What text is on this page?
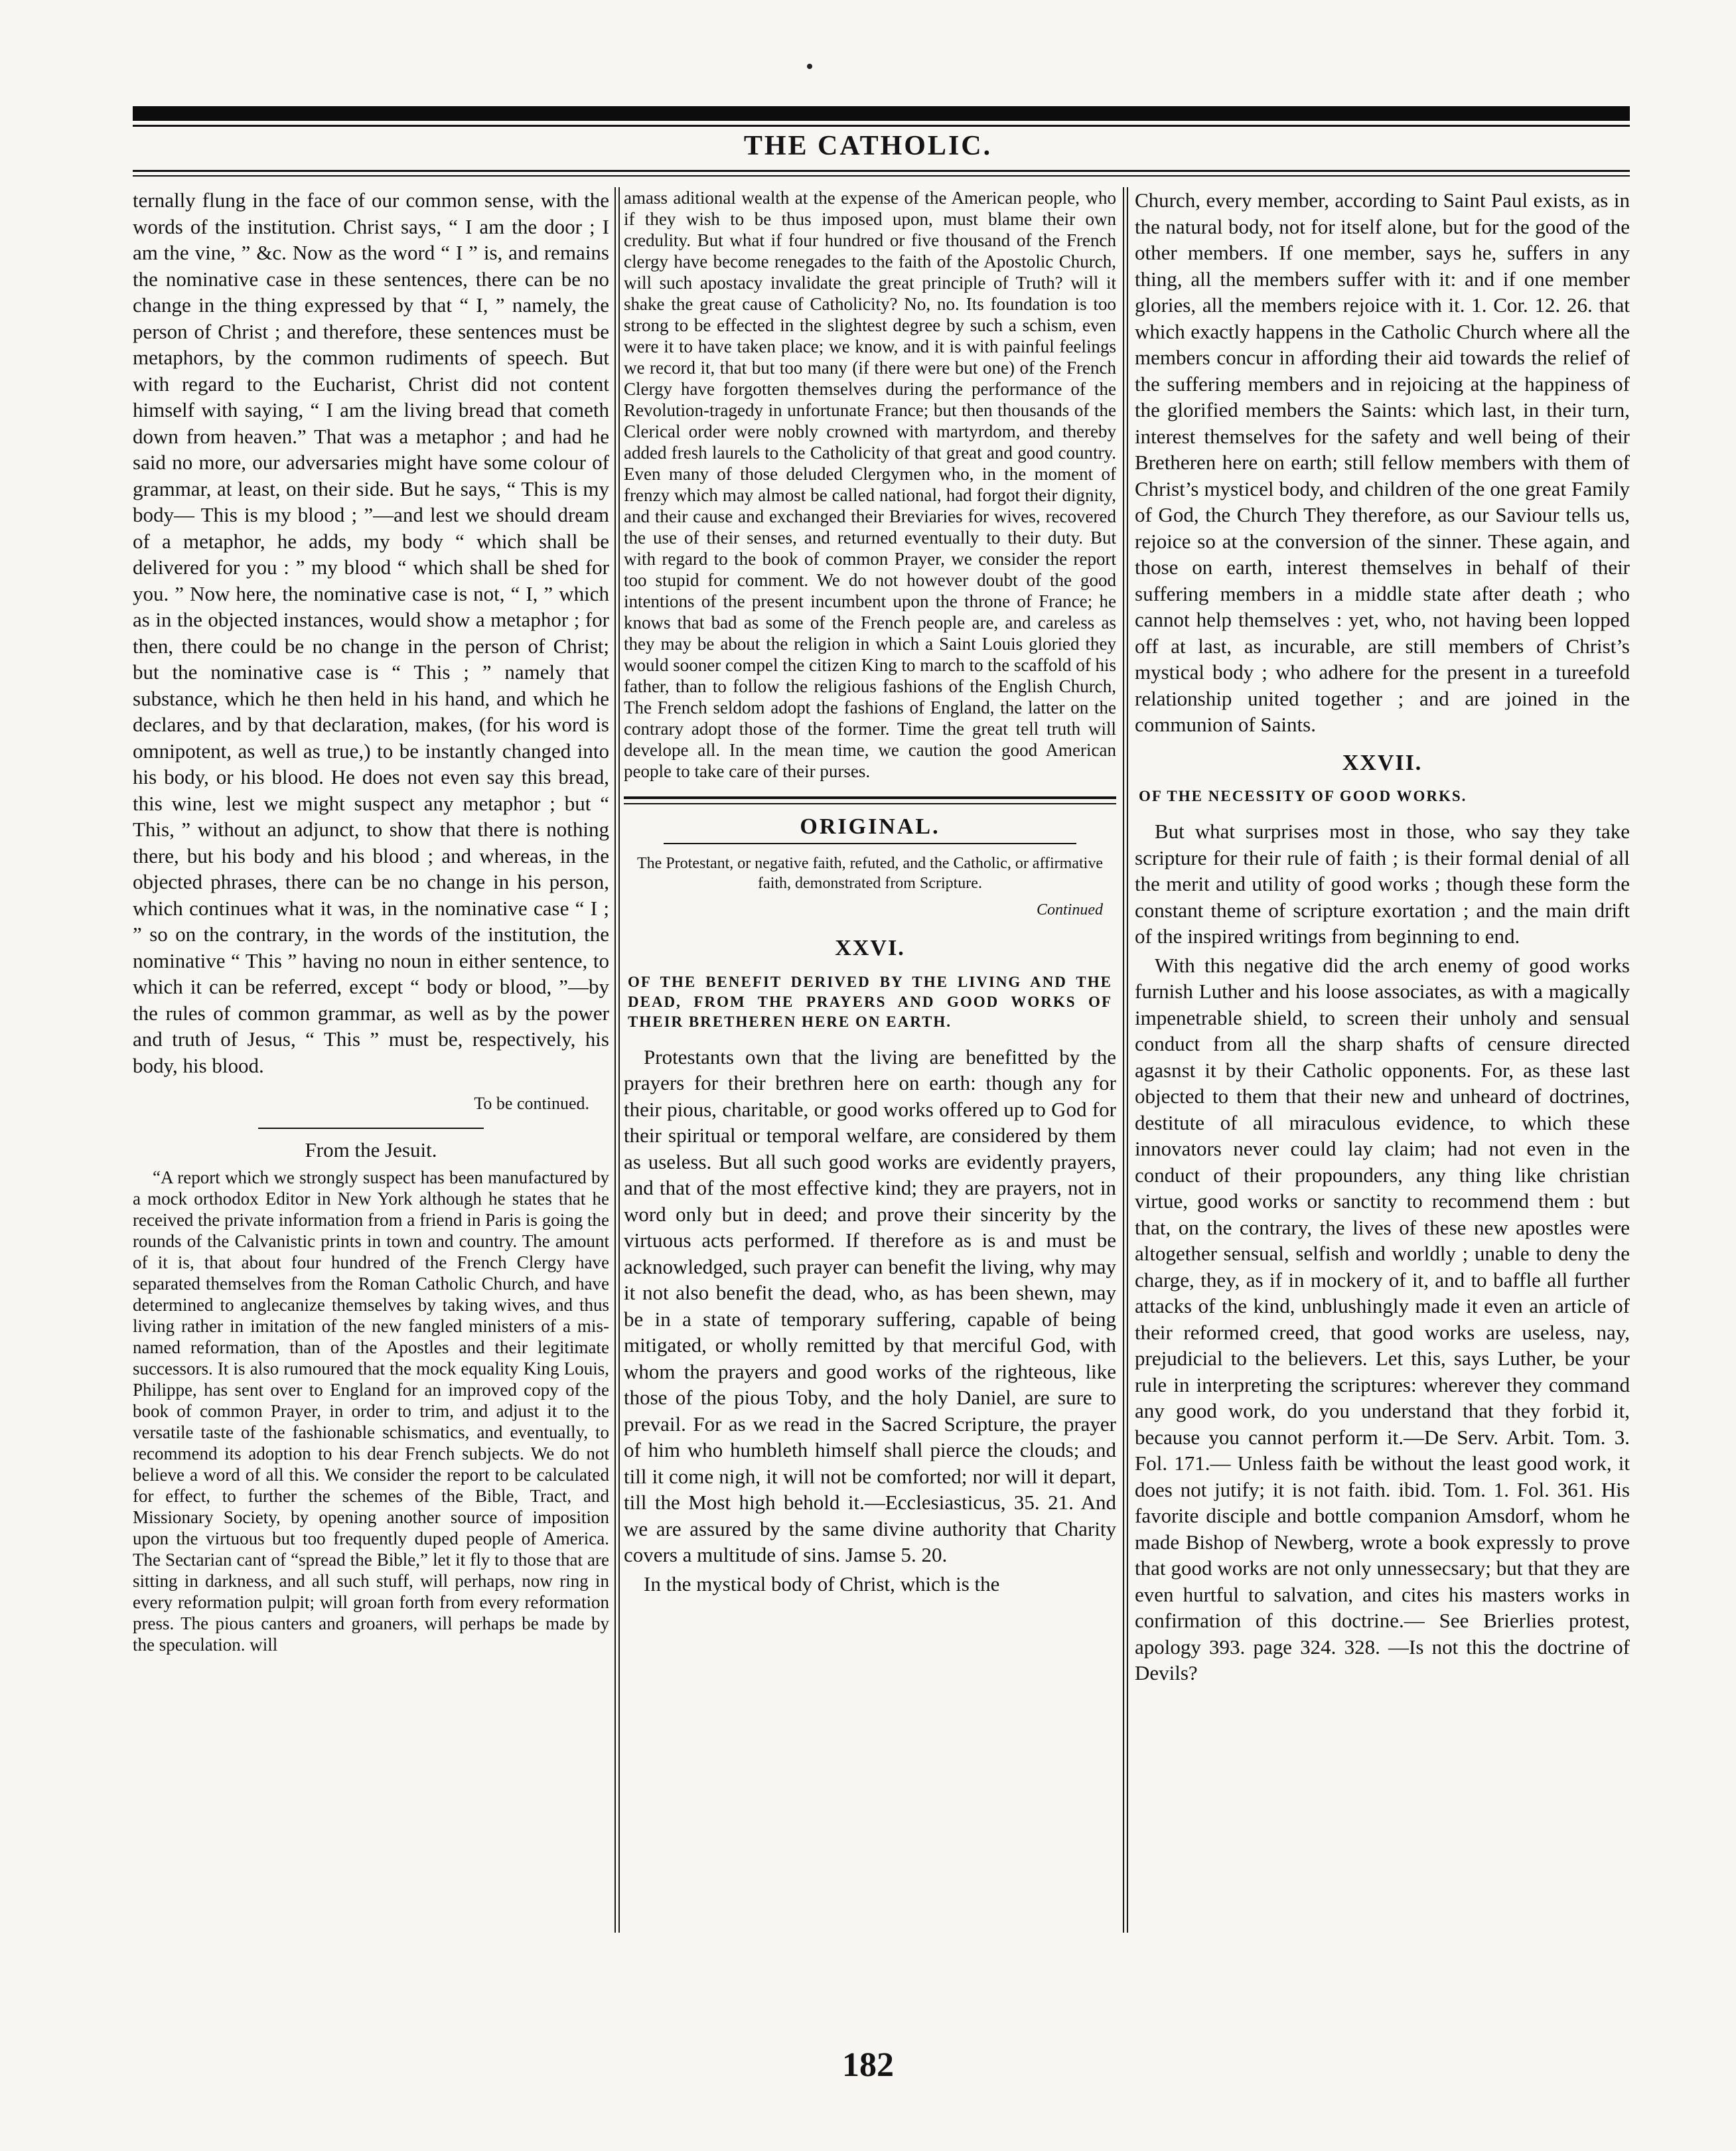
THE CATHOLIC.

ternally flung in the face of our common sense, with the words of the institution. Christ says, “ I am the door ; I am the vine, ” &c. Now as the word “ I ” is, and remains the nominative case in these sentences, there can be no change in the thing expressed by that “ I, ” namely, the person of Christ ; and therefore, these sentences must be metaphors, by the common rudiments of speech. But with regard to the Eucharist, Christ did not content himself with saying, “ I am the living bread that cometh down from heaven.” That was a metaphor ; and had he said no more, our adversaries might have some colour of grammar, at least, on their side. But he says, “ This is my body— This is my blood ; ”—and lest we should dream of a metaphor, he adds, my body “ which shall be delivered for you : ” my blood “ which shall be shed for you. ” Now here, the nominative case is not, “ I, ” which as in the objected instances, would show a metaphor ; for then, there could be no change in the person of Christ; but the nominative case is “ This ; ” namely that substance, which he then held in his hand, and which he declares, and by that declaration, makes, (for his word is omnipotent, as well as true,) to be instantly changed into his body, or his blood. He does not even say this bread, this wine, lest we might suspect any metaphor ; but “ This, ” without an adjunct, to show that there is nothing there, but his body and his blood ; and whereas, in the objected phrases, there can be no change in his person, which continues what it was, in the nominative case “ I ; ” so on the contrary, in the words of the institution, the nominative “ This ” having no noun in either sentence, to which it can be referred, except “ body or blood, ”—by the rules of common grammar, as well as by the power and truth of Jesus, “ This ” must be, respectively, his body, his blood.

To be continued.
From the Jesuit.

“A report which we strongly suspect has been manufactured by a mock orthodox Editor in New York although he states that he received the private information from a friend in Paris is going the rounds of the Calvanistic prints in town and country. The amount of it is, that about four hundred of the French Clergy have separated themselves from the Roman Catholic Church, and have determined to anglecanize themselves by taking wives, and thus living rather in imitation of the new fangled ministers of a mis-named reformation, than of the Apostles and their legitimate successors. It is also rumoured that the mock equality King Louis, Philippe, has sent over to England for an improved copy of the book of common Prayer, in order to trim, and adjust it to the versatile taste of the fashionable schismatics, and eventually, to recommend its adoption to his dear French subjects. We do not believe a word of all this. We consider the report to be calculated for effect, to further the schemes of the Bible, Tract, and Missionary Society, by opening another source of imposition upon the virtuous but too frequently duped people of America. The Sectarian cant of “spread the Bible,” let it fly to those that are sitting in darkness, and all such stuff, will perhaps, now ring in every reformation pulpit; will groan forth from every reformation press. The pious canters and groaners, will perhaps be made by the speculation. will

amass aditional wealth at the expense of the American people, who if they wish to be thus imposed upon, must blame their own credulity. But what if four hundred or five thousand of the French clergy have become renegades to the faith of the Apostolic Church, will such apostacy invalidate the great principle of Truth? will it shake the great cause of Catholicity? No, no. Its foundation is too strong to be effected in the slightest degree by such a schism, even were it to have taken place; we know, and it is with painful feelings we record it, that but too many (if there were but one) of the French Clergy have forgotten themselves during the performance of the Revolution-tragedy in unfortunate France; but then thousands of the Clerical order were nobly crowned with martyrdom, and thereby added fresh laurels to the Catholicity of that great and good country. Even many of those deluded Clergymen who, in the moment of frenzy which may almost be called national, had forgot their dignity, and their cause and exchanged their Breviaries for wives, recovered the use of their senses, and returned eventually to their duty. But with regard to the book of common Prayer, we consider the report too stupid for comment. We do not however doubt of the good intentions of the present incumbent upon the throne of France; he knows that bad as some of the French people are, and careless as they may be about the religion in which a Saint Louis gloried they would sooner compel the citizen King to march to the scaffold of his father, than to follow the religious fashions of the English Church, The French seldom adopt the fashions of England, the latter on the contrary adopt those of the former. Time the great tell truth will develope all. In the mean time, we caution the good American people to take care of their purses.

ORIGINAL.
The Protestant, or negative faith, refuted, and the Catholic, or affirmative faith, demonstrated from Scripture.
Continued
XXVI.
OF THE BENEFIT DERIVED BY THE LIVING AND THE DEAD, FROM THE PRAYERS AND GOOD WORKS OF THEIR BRETHEREN HERE ON EARTH.

Protestants own that the living are benefitted by the prayers for their brethren here on earth: though any for their pious, charitable, or good works offered up to God for their spiritual or temporal welfare, are considered by them as useless. But all such good works are evidently prayers, and that of the most effective kind; they are prayers, not in word only but in deed; and prove their sincerity by the virtuous acts performed. If therefore as is and must be acknowledged, such prayer can benefit the living, why may it not also benefit the dead, who, as has been shewn, may be in a state of temporary suffering, capable of being mitigated, or wholly remitted by that merciful God, with whom the prayers and good works of the righteous, like those of the pious Toby, and the holy Daniel, are sure to prevail. For as we read in the Sacred Scripture, the prayer of him who humbleth himself shall pierce the clouds; and till it come nigh, it will not be comforted; nor will it depart, till the Most high behold it.—Ecclesiasticus, 35. 21. And we are assured by the same divine authority that Charity covers a multitude of sins. Jamse 5. 20.

In the mystical body of Christ, which is the

Church, every member, according to Saint Paul exists, as in the natural body, not for itself alone, but for the good of the other members. If one member, says he, suffers in any thing, all the members suffer with it: and if one member glories, all the members rejoice with it. 1. Cor. 12. 26. that which exactly happens in the Catholic Church where all the members concur in affording their aid towards the relief of the suffering members and in rejoicing at the happiness of the glorified members the Saints: which last, in their turn, interest themselves for the safety and well being of their Bretheren here on earth; still fellow members with them of Christ’s mysticel body, and children of the one great Family of God, the Church They therefore, as our Saviour tells us, rejoice so at the conversion of the sinner. These again, and those on earth, interest themselves in behalf of their suffering members in a middle state after death ; who cannot help themselves : yet, who, not having been lopped off at last, as incurable, are still members of Christ’s mystical body ; who adhere for the present in a tureefold relationship united together ; and are joined in the communion of Saints.

XXVII.
OF THE NECESSITY OF GOOD WORKS.

But what surprises most in those, who say they take scripture for their rule of faith ; is their formal denial of all the merit and utility of good works ; though these form the constant theme of scripture exortation ; and the main drift of the inspired writings from beginning to end.

With this negative did the arch enemy of good works furnish Luther and his loose associates, as with a magically impenetrable shield, to screen their unholy and sensual conduct from all the sharp shafts of censure directed agasnst it by their Catholic opponents. For, as these last objected to them that their new and unheard of doctrines, destitute of all miraculous evidence, to which these innovators never could lay claim; had not even in the conduct of their propounders, any thing like christian virtue, good works or sanctity to recommend them : but that, on the contrary, the lives of these new apostles were altogether sensual, selfish and worldly ; unable to deny the charge, they, as if in mockery of it, and to baffle all further attacks of the kind, unblushingly made it even an article of their reformed creed, that good works are useless, nay, prejudicial to the believers. Let this, says Luther, be your rule in interpreting the scriptures: wherever they command any good work, do you understand that they forbid it, because you cannot perform it.—De Serv. Arbit. Tom. 3. Fol. 171.— Unless faith be without the least good work, it does not jutify; it is not faith. ibid. Tom. 1. Fol. 361. His favorite disciple and bottle companion Amsdorf, whom he made Bishop of Newberg, wrote a book expressly to prove that good works are not only unnessecsary; but that they are even hurtful to salvation, and cites his masters works in confirmation of this doctrine.— See Brierlies protest, apology 393. page 324. 328. —Is not this the doctrine of Devils?

182
